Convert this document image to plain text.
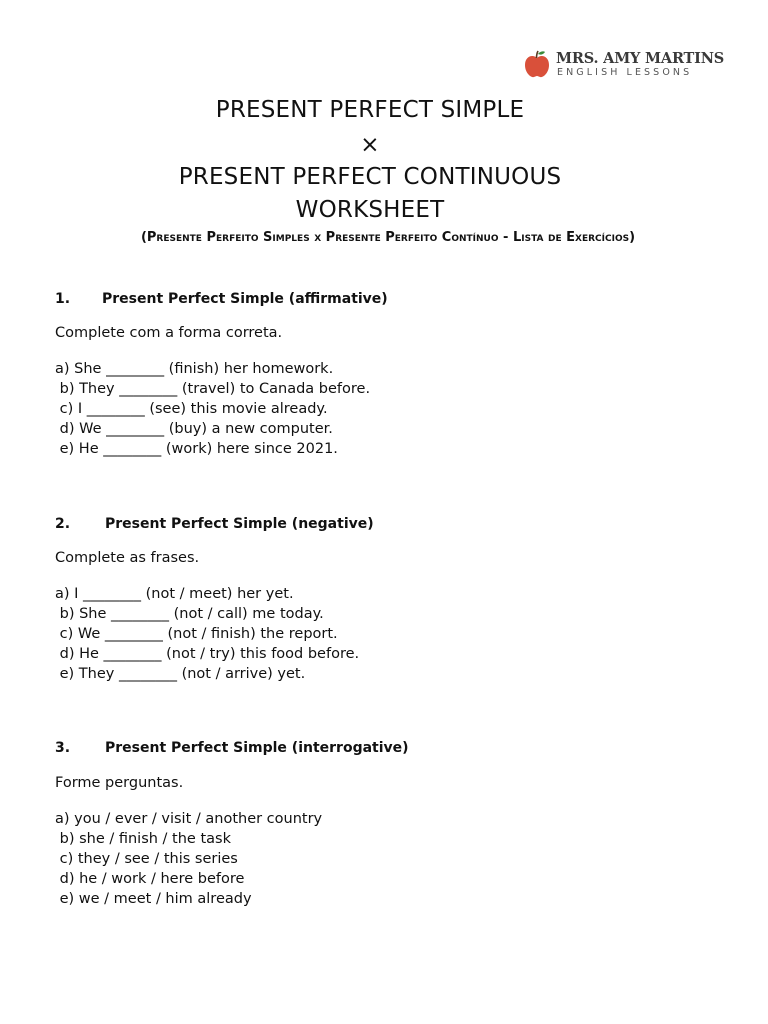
MRS. AMY MARTINS
ENGLISH LESSONS
PRESENT PERFECT SIMPLE
×
PRESENT PERFECT CONTINUOUS
WORKSHEET
(Presente Perfeito Simples x Presente Perfeito Contínuo - Lista de Exercícios)
1. Present Perfect Simple (affirmative)
Complete com a forma correta.
a) She ________ (finish) her homework.
b) They ________ (travel) to Canada before.
c) I ________ (see) this movie already.
d) We ________ (buy) a new computer.
e) He ________ (work) here since 2021.
2. Present Perfect Simple (negative)
Complete as frases.
a) I ________ (not / meet) her yet.
b) She ________ (not / call) me today.
c) We ________ (not / finish) the report.
d) He ________ (not / try) this food before.
e) They ________ (not / arrive) yet.
3. Present Perfect Simple (interrogative)
Forme perguntas.
a) you / ever / visit / another country
b) she / finish / the task
c) they / see / this series
d) he / work / here before
e) we / meet / him already
